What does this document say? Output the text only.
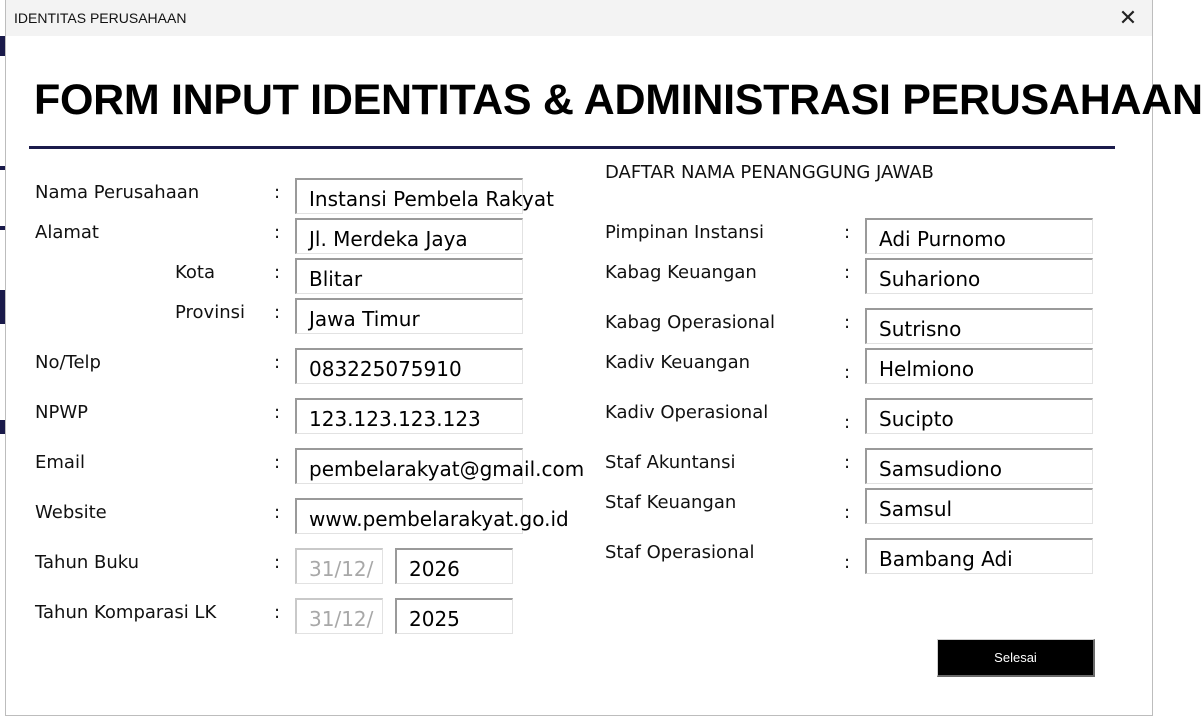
IDENTITAS PERUSAHAAN	✕
FORM INPUT IDENTITAS & ADMINISTRASI PERUSAHAAN
Nama Perusahaan	:	Instansi Pembela Rakyat
Alamat	:	Jl. Merdeka Jaya
Kota	:	Blitar
Provinsi :	Jawa Timur
No/Telp	:	083225075910
NPWP	:	123.123.123.123
Email	:	pembelarakyat@gmail.com
Website	:	www.pembelarakyat.go.id
Tahun Buku	:	31/12/	2026
Tahun Komparasi LK	:	31/12/	2025
DAFTAR NAMA PENANGGUNG JAWAB
Pimpinan Instansi	:	Adi Purnomo
Kabag Keuangan	:	Suhariono
Kabag Operasional	:	Sutrisno
Kadiv Keuangan	:	Helmiono
Kadiv Operasional	:	Sucipto
Staf Akuntansi	:	Samsudiono
Staf Keuangan	:	Samsul
Staf Operasional	:	Bambang Adi
Selesai
